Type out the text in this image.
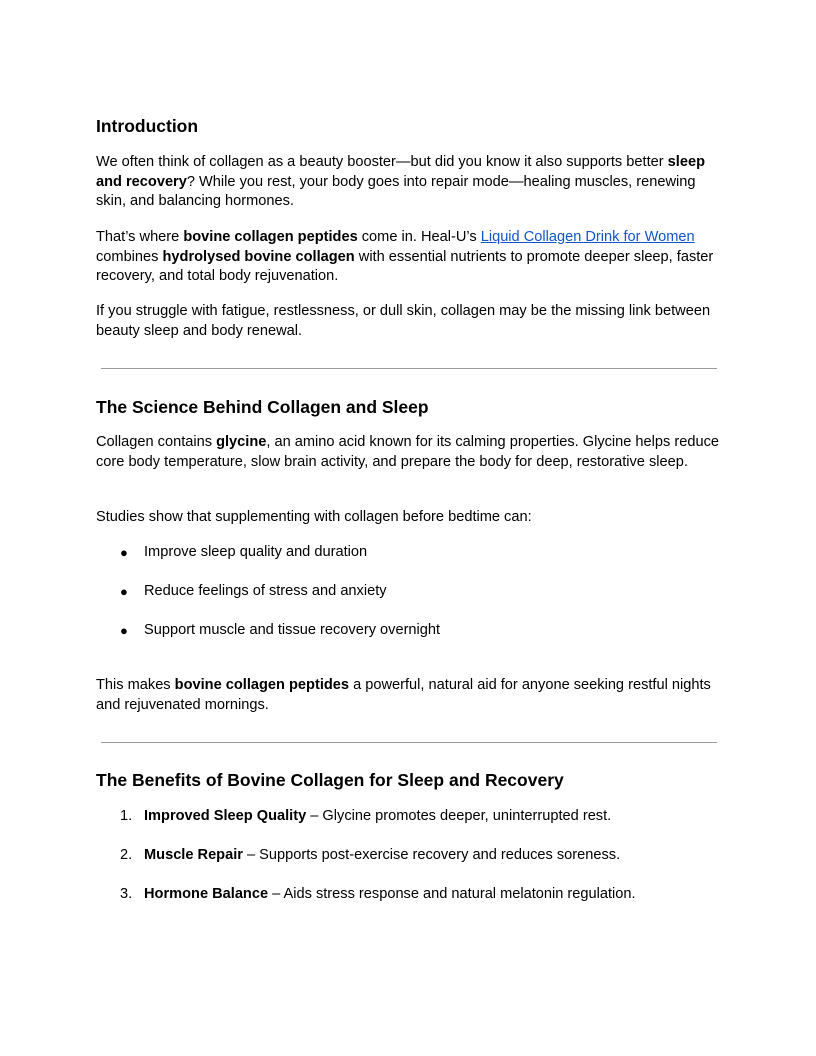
Introduction

We often think of collagen as a beauty booster—but did you know it also supports better sleep and recovery? While you rest, your body goes into repair mode—healing muscles, renewing skin, and balancing hormones.

That’s where bovine collagen peptides come in. Heal-U’s Liquid Collagen Drink for Women combines hydrolysed bovine collagen with essential nutrients to promote deeper sleep, faster recovery, and total body rejuvenation.

If you struggle with fatigue, restlessness, or dull skin, collagen may be the missing link between beauty sleep and body renewal.

The Science Behind Collagen and Sleep

Collagen contains glycine, an amino acid known for its calming properties. Glycine helps reduce core body temperature, slow brain activity, and prepare the body for deep, restorative sleep.

Studies show that supplementing with collagen before bedtime can:

● Improve sleep quality and duration
● Reduce feelings of stress and anxiety
● Support muscle and tissue recovery overnight

This makes bovine collagen peptides a powerful, natural aid for anyone seeking restful nights and rejuvenated mornings.

The Benefits of Bovine Collagen for Sleep and Recovery
1. Improved Sleep Quality – Glycine promotes deeper, uninterrupted rest.
2. Muscle Repair – Supports post-exercise recovery and reduces soreness.
3. Hormone Balance – Aids stress response and natural melatonin regulation.
